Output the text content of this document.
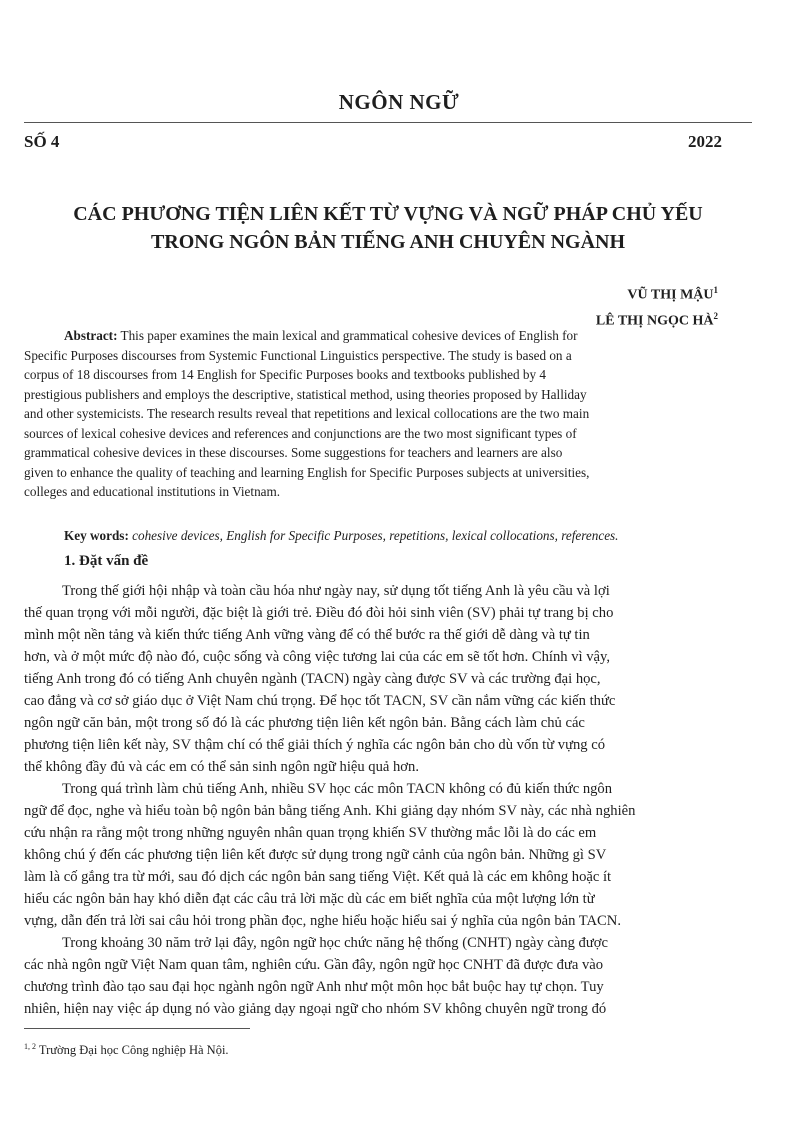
NGÔN NGỮ
SỐ 4	2022
CÁC PHƯƠNG TIỆN LIÊN KẾT TỪ VỰNG VÀ NGỮ PHÁP CHỦ YẾU
TRONG NGÔN BẢN TIẾNG ANH CHUYÊN NGÀNH
VŨ THỊ MẬU$^1$
LÊ THỊ NGỌC $HÀ^2$
Abstract: This paper examines the main lexical and grammatical cohesive devices of English for
Specific Purposes discourses from Systemic Functional Linguistics perspective. The study is based on a
corpus of 18 discourses from 14 English for Specific Purposes books and textbooks published by 4
prestigious publishers and employs the descriptive, statistical method, using theories proposed by Halliday
and other systemicists. The research results reveal that repetitions and lexical collocations are the two main
sources of lexical cohesive devices and references and conjunctions are the two most significant types of
grammatical cohesive devices in these discourses. Some suggestions for teachers and learners are also
given to enhance the quality of teaching and learning English for Specific Purposes subjects at universities,
colleges and educational institutions in Vietnam.
Key words: cohesive devices, English for Specific Purposes, repetitions, lexical collocations, references.
1. Đặt vấn đề
Trong thế giới hội nhập và toàn cầu hóa như ngày nay, sử dụng tốt tiếng Anh là yêu cầu và lợi
thế quan trọng với mỗi người, đặc biệt là giới trẻ. Điều đó đòi hỏi sinh viên (SV) phải tự trang bị cho
mình một nền tảng và kiến thức tiếng Anh vững vàng để có thể bước ra thế giới dễ dàng và tự tin
hơn, và ở một mức độ nào đó, cuộc sống và công việc tương lai của các em sẽ tốt hơn. Chính vì vậy,
tiếng Anh trong đó có tiếng Anh chuyên ngành (TACN) ngày càng được SV và các trường đại học,
cao đẳng và cơ sở giáo dục ở Việt Nam chú trọng. Để học tốt TACN, SV cần nắm vững các kiến thức
ngôn ngữ căn bản, một trong số đó là các phương tiện liên kết ngôn bản. Bằng cách làm chủ các
phương tiện liên kết này, SV thậm chí có thể giải thích ý nghĩa các ngôn bản cho dù vốn từ vựng có
thể không đầy đủ và các em có thể sản sinh ngôn ngữ hiệu quả hơn.
Trong quá trình làm chủ tiếng Anh, nhiều SV học các môn TACN không có đủ kiến thức ngôn
ngữ để đọc, nghe và hiểu toàn bộ ngôn bản bằng tiếng Anh. Khi giảng dạy nhóm SV này, các nhà nghiên
cứu nhận ra rằng một trong những nguyên nhân quan trọng khiến SV thường mắc lỗi là do các em
không chú ý đến các phương tiện liên kết được sử dụng trong ngữ cảnh của ngôn bản. Những gì SV
làm là cố gắng tra từ mới, sau đó dịch các ngôn bản sang tiếng Việt. Kết quả là các em không hoặc ít
hiểu các ngôn bản hay khó diễn đạt các câu trả lời mặc dù các em biết nghĩa của một lượng lớn từ
vựng, dẫn đến trả lời sai câu hỏi trong phần đọc, nghe hiểu hoặc hiểu sai ý nghĩa của ngôn bản TACN.
Trong khoảng 30 năm trở lại đây, ngôn ngữ học chức năng hệ thống (CNHT) ngày càng được
các nhà ngôn ngữ Việt Nam quan tâm, nghiên cứu. Gần đây, ngôn ngữ học CNHT đã được đưa vào
chương trình đào tạo sau đại học ngành ngôn ngữ Anh như một môn học bắt buộc hay tự chọn. Tuy
nhiên, hiện nay việc áp dụng nó vào giảng dạy ngoại ngữ cho nhóm SV không chuyên ngữ trong đó
$^{1, 2}$ Trường Đại học Công nghiệp Hà Nội.
